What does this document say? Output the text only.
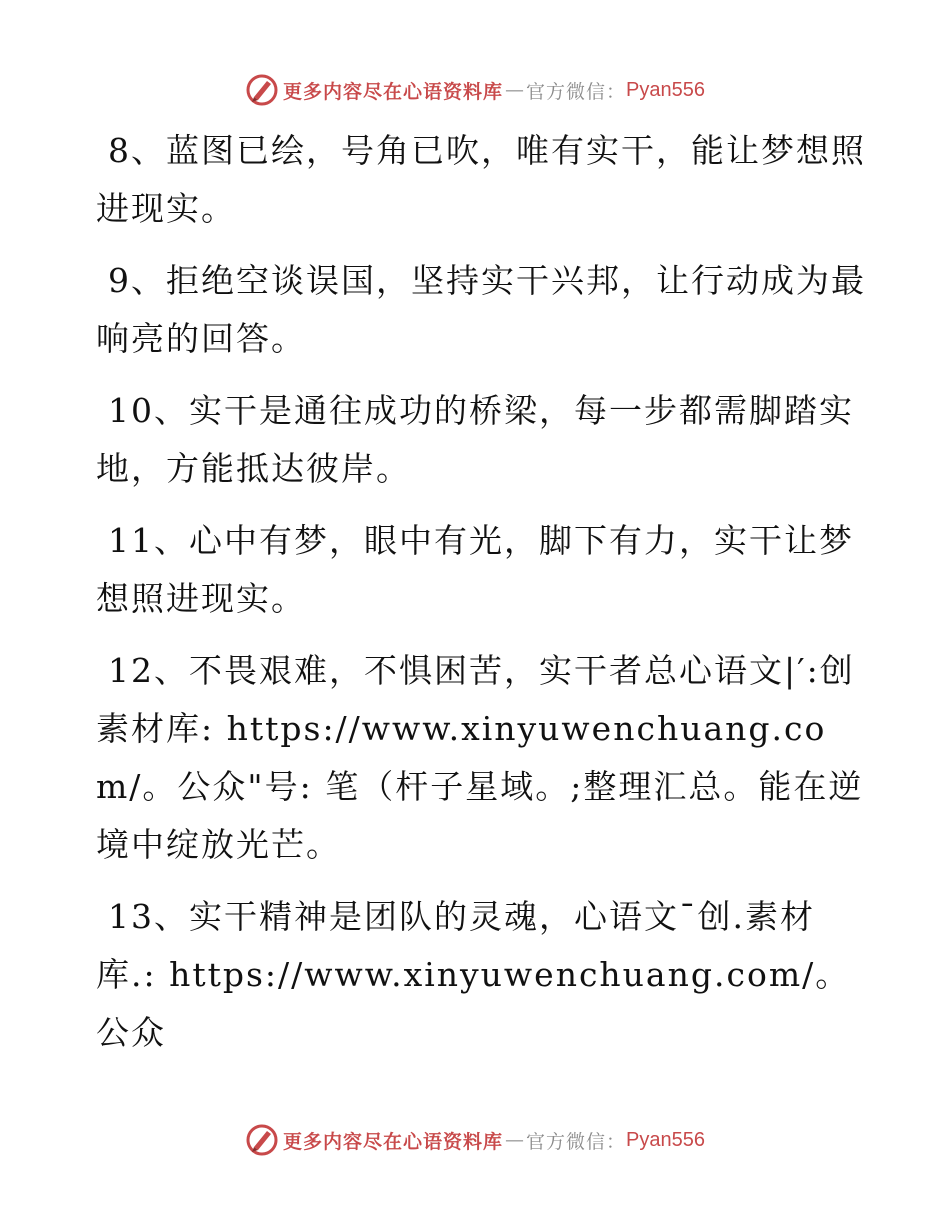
更多内容尽在心语资料库 — 官方微信： Pyan556

8、蓝图已绘，号角已吹，唯有实干，能让梦想照进现实。

9、拒绝空谈误国，坚持实干兴邦，让行动成为最响亮的回答。

10、实干是通往成功的桥梁，每一步都需脚踏实地，方能抵达彼岸。

11、心中有梦，眼中有光，脚下有力，实干让梦想照进现实。

12、不畏艰难，不惧困苦，实干者总心语文|′:创素材库: https://www.xinyuwenchuang.com/。公众"号: 笔（杆子星域。;整理汇总。能在逆境中绽放光芒。

13、实干精神是团队的灵魂，心语文¯创.素材库.: https://www.xinyuwenchuang.com/。公众

更多内容尽在心语资料库 — 官方微信： Pyan556
